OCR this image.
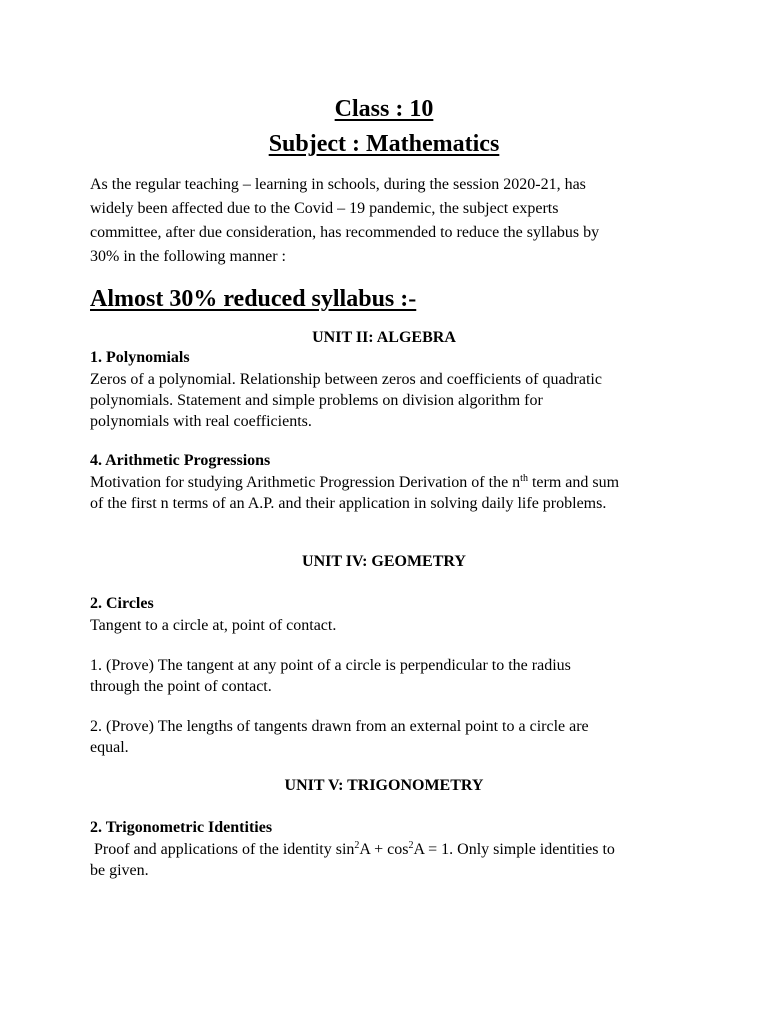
Class : 10
Subject : Mathematics
As the regular teaching – learning in schools, during the session 2020-21, has
widely been affected due to the Covid – 19 pandemic, the subject experts
committee, after due consideration, has recommended to reduce the syllabus by
30% in the following manner :
Almost 30% reduced syllabus :-
UNIT II: ALGEBRA
1. Polynomials
Zeros of a polynomial. Relationship between zeros and coefficients of quadratic
polynomials. Statement and simple problems on division algorithm for
polynomials with real coefficients.
4. Arithmetic Progressions
Motivation for studying Arithmetic Progression Derivation of the $n^{th}$ term and sum
of the first n terms of an A.P. and their application in solving daily life problems.
UNIT IV: GEOMETRY
2. Circles
Tangent to a circle at, point of contact.
1. (Prove) The tangent at any point of a circle is perpendicular to the radius
through the point of contact.
2. (Prove) The lengths of tangents drawn from an external point to a circle are
equal.
UNIT V: TRIGONOMETRY
2. Trigonometric Identities
Proof and applications of the identity $\sin^2A + \cos^2A = 1$. Only simple identities to
be given.
